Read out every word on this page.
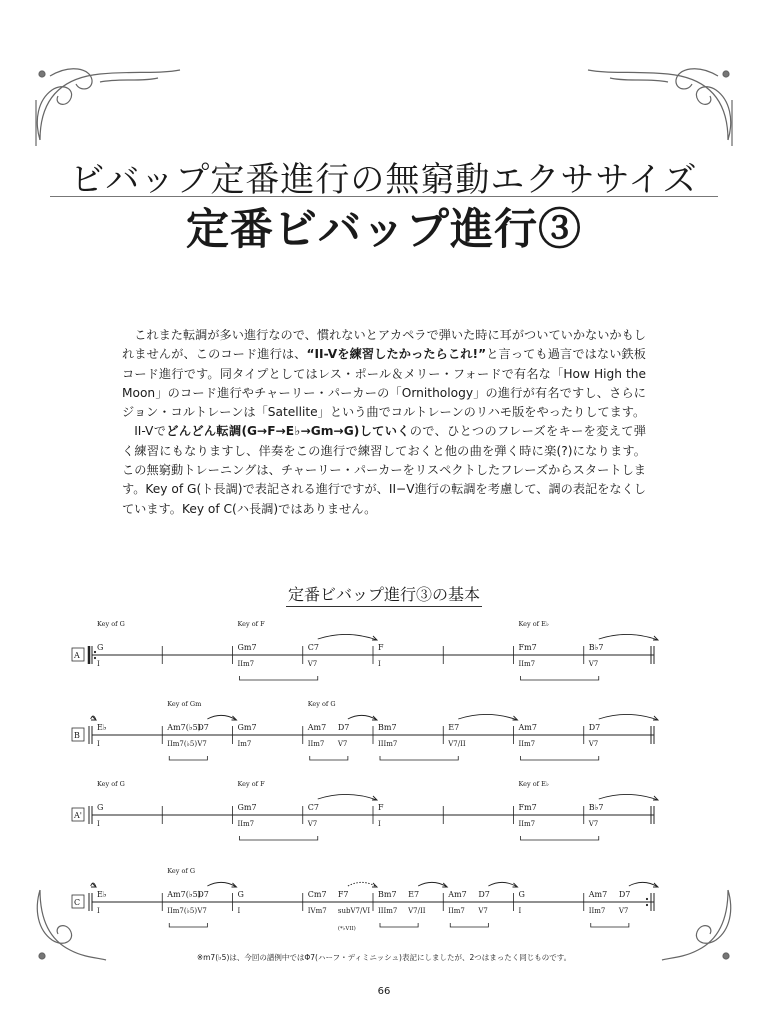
ビバップ定番進行の無窮動エクササイズ
定番ビバップ進行③

これまた転調が多い進行なので、慣れないとアカペラで弾いた時に耳がついていかないかもしれませんが、このコード進行は、“II-Vを練習したかったらこれ!”と言っても過言ではない鉄板コード進行です。同タイプとしてはレス・ポール＆メリー・フォードで有名な「How High the Moon」のコード進行やチャーリー・パーカーの「Ornithology」の進行が有名ですし、さらにジョン・コルトレーンは「Satellite」という曲でコルトレーンのリハモ版をやったりしてます。

II-Vでどんどん転調(G→F→E♭→Gm→G)していくので、ひとつのフレーズをキーを変えて弾く練習にもなりますし、伴奏をこの進行で練習しておくと他の曲を弾く時に楽(?)になります。この無窮動トレーニングは、チャーリー・パーカーをリスペクトしたフレーズからスタートします。Key of G(ト長調)で表記される進行ですが、II−V進行の転調を考慮して、調の表記をなくしています。Key of C(ハ長調)ではありません。

定番ビバップ進行③の基本
A
Key of G	Key of F	Key of E♭
G
I
Gm7
IIm7
C7
V7
F
I
Fm7
IIm7
B♭7
V7
B
Key of Gm	Key of G
E♭
I
Am7(♭5)
IIm7(♭5)
D7
V7
Gm7
Im7
Am7
IIm7
D7
V7
Bm7
IIIm7
E7
V7/II
Am7
IIm7
D7
V7
A'
Key of G	Key of F	Key of E♭
G
I
Gm7
IIm7
C7
V7
F
I
Fm7
IIm7
B♭7
V7
C
Key of G
E♭
I
Am7(♭5)
IIm7(♭5)
D7
V7
G
I
Cm7
IVm7
F7
subV7/VI
Bm7
IIIm7
E7
V7/II
Am7
IIm7
D7
V7
G
I
Am7
IIm7
D7
V7
(*♭VII)
※m7(♭5)は、今回の譜例中ではΦ7(ハーフ・ディミニッシュ)表記にしましたが、2つはまったく同じものです。
66
